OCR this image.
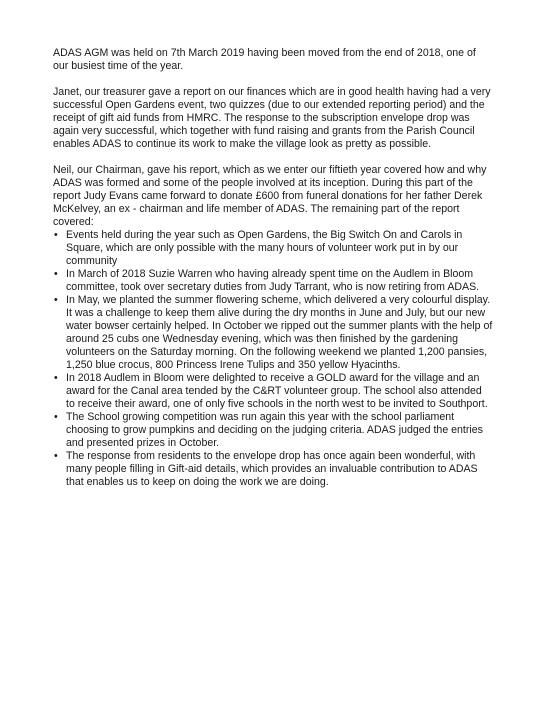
ADAS AGM was held on 7th March 2019 having been moved from the end of 2018, one of our busiest time of the year.

Janet, our treasurer gave a report on our finances which are in good health having had a very successful Open Gardens event, two quizzes (due to our extended reporting period) and the receipt of gift aid funds from HMRC. The response to the subscription envelope drop was again very successful, which together with fund raising and grants from the Parish Council enables ADAS to continue its work to make the village look as pretty as possible.

Neil, our Chairman, gave his report, which as we enter our fiftieth year covered how and why ADAS was formed and some of the people involved at its inception. During this part of the report Judy Evans came forward to donate £600 from funeral donations for her father Derek McKelvey, an ex - chairman and life member of ADAS. The remaining part of the report covered:

• Events held during the year such as Open Gardens, the Big Switch On and Carols in Square, which are only possible with the many hours of volunteer work put in by our community
• In March of 2018 Suzie Warren who having already spent time on the Audlem in Bloom committee, took over secretary duties from Judy Tarrant, who is now retiring from ADAS.
• In May, we planted the summer flowering scheme, which delivered a very colourful display. It was a challenge to keep them alive during the dry months in June and July, but our new water bowser certainly helped. In October we ripped out the summer plants with the help of around 25 cubs one Wednesday evening, which was then finished by the gardening volunteers on the Saturday morning. On the following weekend we planted 1,200 pansies, 1,250 blue crocus, 800 Princess Irene Tulips and 350 yellow Hyacinths.
• In 2018 Audlem in Bloom were delighted to receive a GOLD award for the village and an award for the Canal area tended by the C&RT volunteer group. The school also attended to receive their award, one of only five schools in the north west to be invited to Southport.
• The School growing competition was run again this year with the school parliament choosing to grow pumpkins and deciding on the judging criteria. ADAS judged the entries and presented prizes in October.
• The response from residents to the envelope drop has once again been wonderful, with many people filling in Gift-aid details, which provides an invaluable contribution to ADAS that enables us to keep on doing the work we are doing.
